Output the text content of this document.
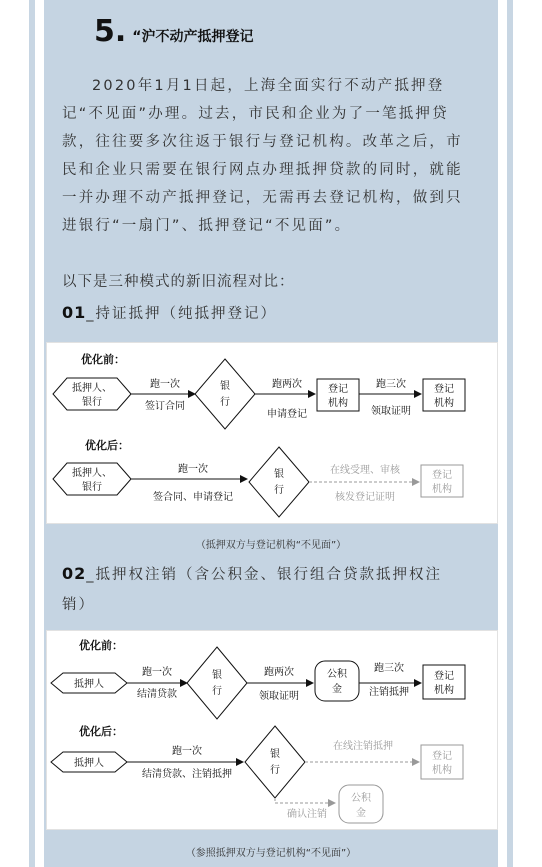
5 . “沪不动产抵押登记
2020年1月1日起，上海全面实行不动产抵押登
记“不见面”办理。过去，市民和企业为了一笔抵押贷
款，往往要多次往返于银行与登记机构。改革之后，市
民和企业只需要在银行网点办理抵押贷款的同时，就能
一并办理不动产抵押登记，无需再去登记机构，做到只
进银行“一扇门”、抵押登记“不见面”。
以下是三种模式的新旧流程对比：
01_持证抵押（纯抵押登记）
优化前：
抵押人、
银行
跑一次
签订合同
银
行
跑两次
申请登记
登记
机构
跑三次
领取证明
登记
机构
优化后：
抵押人、
银行
跑一次
签合同、申请登记
银
行
在线受理、审核
核发登记证明
登记
机构
（抵押双方与登记机构“不见面”）
02_抵押权注销（含公积金、银行组合贷款抵押权注
销）
优化前：
抵押人
跑一次
结清贷款
银
行
跑两次
领取证明
公积
金
跑三次
注销抵押
登记
机构
优化后：
抵押人
跑一次
结清贷款、注销抵押
银
行
在线注销抵押
登记
机构
确认注销
公积
金
（参照抵押双方与登记机构“不见面”）
